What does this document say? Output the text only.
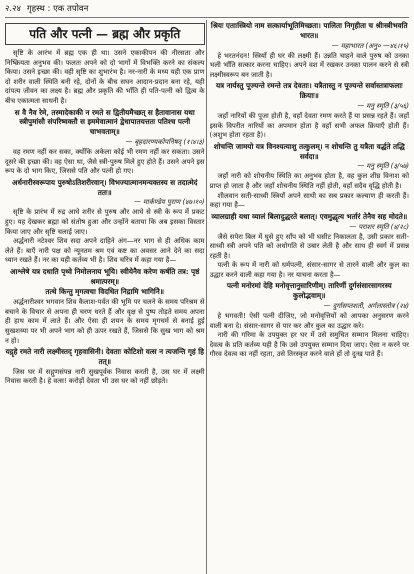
२.२४ गृहस्थ : एक तपोवन
पति और पत्नी — ब्रह्म और प्रकृति

सृष्टि के आरंभ में ब्रह्म एक ही था। उसने एकाकीपन की नीरसता और निष्क्रियता अनुभव की। फलतः अपने को दो भागों में विभक्ति करने का संकल्प किया। उसने इच्छा की। वही सृष्टि का शुभारंभ है। नर-नारी के मध्य यही एक प्राण दो शरीर वाली स्थिति बनी रहे, दोनों के बीच सघन आदान-प्रदान बना रहे, यही दांपत्य जीवन का लक्ष्य है। ब्रह्म और प्रकृति की भाँति ही पति-पत्नी को द्वित्व के बीच एकात्मता साधनी है।

स वै नैव रेमे, तस्मादेकाकी न रमते स द्वितीयमैच्छत् स हैतावानास यथा स्त्रीपुमांसौ संपरिष्वक्तौ स इममेवात्मानं द्वेधापातयत्ततः पतिश्च पत्नी चाभवताम्॥
— बृहदारण्यकोपनिषद् (१।४।३)

वह रमण नहीं कर सका, क्योंकि अकेला कोई भी रमण नहीं कर सकता। उसने दूसरे की इच्छा की। वह ऐसा था, जैसे स्त्री-पुरुष मिले हुए होते हैं। उसने अपने इस रूप के दो भाग किए, जिससे पति और पत्नी हो गए।

अर्धनारीस्वरूपाय पुरुषोऽतिशरीरवान्। विभज्यात्मानमन्यक्तस्य स तदात्मेदं ततः॥
— मार्कण्डेय पुराण (४७।१०)

सृष्टि के प्रारंभ में रुद्र आधे शरीर से पुरुष और आधे से स्त्री के रूप में प्रकट हुए। यह देखकर ब्रह्मा को संतोष हुआ और उन्होंने बताया कि अब इसका विस्तार किया जाए और सृष्टि चलाई जाए।

अर्द्धनारी नटेश्वर शिव सदा अपने दाहिने अंग—नर भाग से ही अधिक काम लेते हैं। बाएँ नारी पक्ष को न्यूनतम श्रम एवं कष्ट का अवसर आने देने का सदा ध्यान रखते हैं। नर का यही कर्तव्य भी है। शिव चरित्र में कहा गया है—

आश्लेषे यत्र दधाति पृथ्वे निमोलनाय भूयि। स्वीयेनैव करेण कर्षति तत्र: पृष्ठं श्रमात्परम्॥
तत्थे किन्तु मृगत्वचा विदधित निद्रामि भागिनेि॥

अर्द्धनारीश्वर भगवान शिव कैलाश-पर्वत की भूमि पर चलने के समय परिश्रम से बचाने के विचार से अपना ही चरण धरते हैं और वृक्ष से पुष्प तोड़ते समय अपना ही हाथ काम में लाते हैं। और ऐसा ही शयन के समय मृगचर्म से बनाई हुई सुखशय्या पर भी अपने भाग को ही ऊपर रखते हैं, जिससे कि सुख भाग को श्रम न हो।

यद्गृहे रमते नारी लक्ष्मीस्तद् गृहवासिनी। देवताः कोटिशो वत्स न त्यजन्ति गृहं हि तत्॥

जिस घर में सद्गुणसंपन्न नारी सुखपूर्वक निवास करती है, उस घर में लक्ष्मी निवास करती है। हे वत्स! करोड़ों देवता भी उस घर को नहीं छोड़ते।

श्रियः एताःस्त्रियो नाम सत्कार्याभूतिमिच्छता। पालिता निगृहीता च श्रीःस्त्रीभवति भारत॥
— महाभारत (अनु० —४६।१५)

हे भरतनंदन! स्त्रियाँ ही घर की लक्ष्मी हैं। उन्नति चाहने वाले पुरुष को उनका भली भाँति सत्कार करना चाहिए। अपने वश में रखकर उनका पालन करने से स्त्री लक्ष्मीस्वरूप बन जाती है।

यत्र नार्यस्तु पूज्यन्ते रमन्ते तत्र देवताः। यत्रैतास्तु न पूज्यन्ते सर्वास्तत्राफलाः क्रियाः॥
— मनु स्मृति (३/५६)

जहाँ नारियों की पूजा होती है, वहाँ देवता रमण करते हैं या प्रसन्न रहते हैं। जहाँ इसके विपरीत नारियों का अपमान होता है वहाँ सभी अफल क्रियाएँ होती हैं। (अशुभ होता रहता है)।

शोचन्ति जामयो यत्र विनश्यत्याशु तत्कुलम्। न शोचन्ति तु यत्रैता वर्द्धते तद्धि सर्वदा॥
— मनु स्मृति (३/५७)

जहाँ नारी को शोचनीय स्थिति का अनुभव होता है, वह कुल शीघ्र विनाश को प्राप्त हो जाता है और जहाँ शोचनीय स्थिति नहीं होती, वहाँ सदैव वृद्धि होती है।

शीलवान सती-साध्वी स्त्रियाँ अपने साथी का सब प्रकार कल्याण ही करती हैं। कहा गया है—

व्यालग्राही यथा व्यालं बिलादुद्धरते बलात्। एवमुद्धृत्य भर्तारं तेनैव सह मोदते॥
— पराशर स्मृति (४/२८)

जैसे सपेरा बिल में घुसे हुए साँप को भी घसीट निकालता है, उसी प्रकार सती-साध्वी स्त्री अपने पति को अधोगति से उबार लेती है और साथ ही स्वर्ग में प्रसन्न रहती है।

पत्नी के रूप में नारी को धर्मपत्नी, संसार-सागर से तारने वाली और कुल का उद्धार करने वाली कहा गया है। नर याचना करता है—

पत्नी मनोरमां देहि मनोवृत्तानुसारिणीम्। तारिणीं दुर्गसंसारसागरस्य कुलोद्भवाम्॥
— दुर्गासप्तशती, अर्गलास्तोत्र (२४)

हे भगवती! ऐसी पत्नी दीजिए, जो मनोवृत्तियों को आपका अनुसरण करने वाली बना दे। संसार-सागर से पार कर और कुल का उद्धार करे।

नारी की गरिमा के उपयुक्त हर घर में उसे समुचित सम्मान मिलना चाहिए। देवत्व के प्रति कर्तव्य यही है कि उसे उपयुक्त सम्मान दिया जाए। ऐसा न करने पर गौरव देवत्व का नहीं रहता, उसे तिरस्कृत करने वाले हों तो दुःख पाते हैं।
